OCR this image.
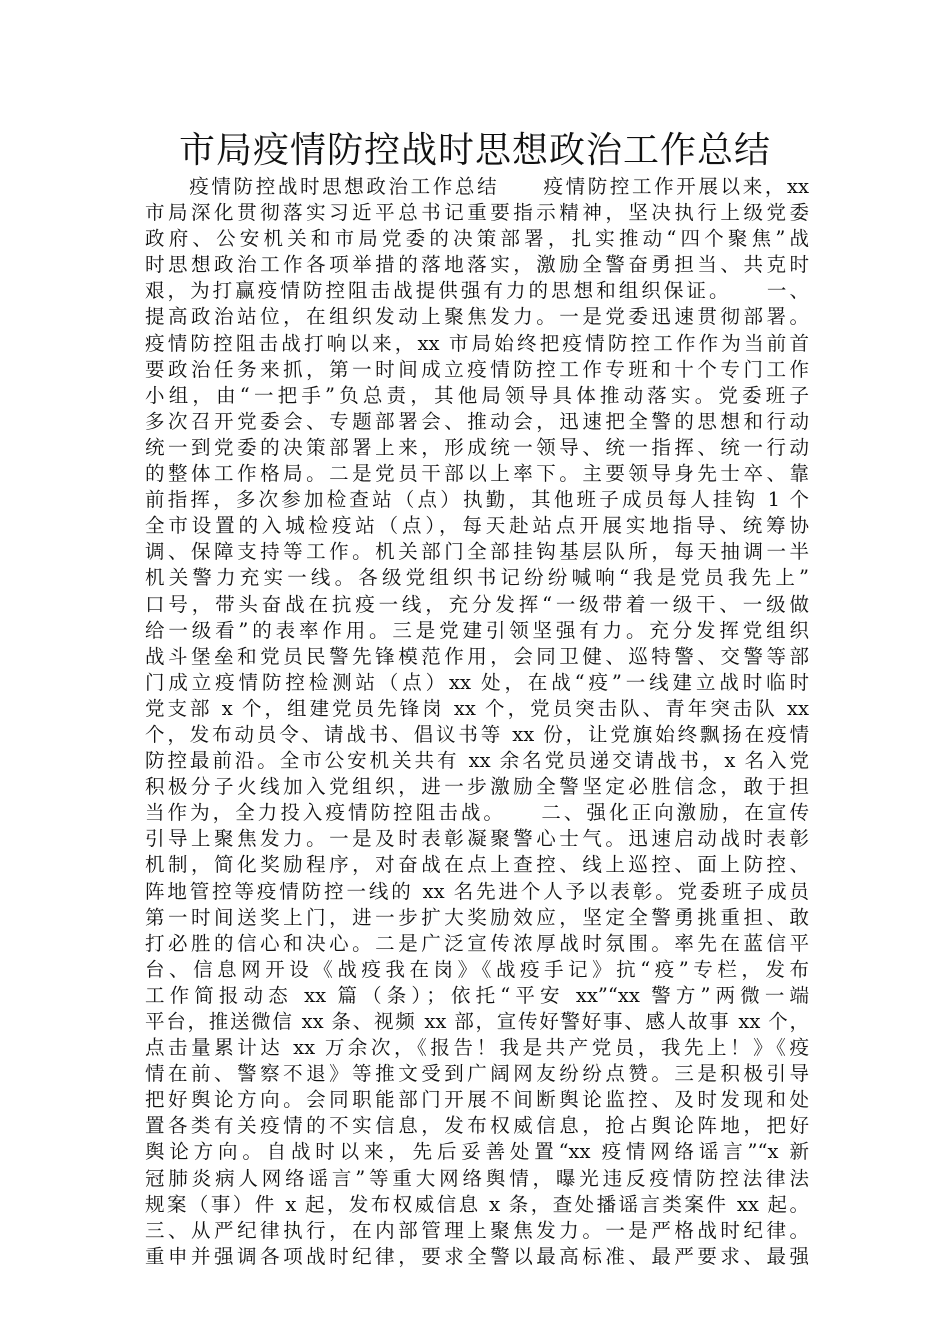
市局疫情防控战时思想政治工作总结
　　疫情防控战时思想政治工作总结　　疫情防控工作开展以来，xx
市局深化贯彻落实习近平总书记重要指示精神，坚决执行上级党委
政府、公安机关和市局党委的决策部署，扎实推动“四个聚焦”战
时思想政治工作各项举措的落地落实，激励全警奋勇担当、共克时
艰，为打赢疫情防控阻击战提供强有力的思想和组织保证。　　一、
提高政治站位，在组织发动上聚焦发力。一是党委迅速贯彻部署。
疫情防控阻击战打响以来，xx 市局始终把疫情防控工作作为当前首
要政治任务来抓，第一时间成立疫情防控工作专班和十个专门工作
小组，由“一把手”负总责，其他局领导具体推动落实。党委班子
多次召开党委会、专题部署会、推动会，迅速把全警的思想和行动
统一到党委的决策部署上来，形成统一领导、统一指挥、统一行动
的整体工作格局。二是党员干部以上率下。主要领导身先士卒、靠
前指挥，多次参加检查站（点）执勤，其他班子成员每人挂钩 1 个
全市设置的入城检疫站（点），每天赴站点开展实地指导、统筹协
调、保障支持等工作。机关部门全部挂钩基层队所，每天抽调一半
机关警力充实一线。各级党组织书记纷纷喊响“我是党员我先上”
口号，带头奋战在抗疫一线，充分发挥“一级带着一级干、一级做
给一级看”的表率作用。三是党建引领坚强有力。充分发挥党组织
战斗堡垒和党员民警先锋模范作用，会同卫健、巡特警、交警等部
门成立疫情防控检测站（点）xx 处，在战“疫”一线建立战时临时
党支部 x 个，组建党员先锋岗 xx 个，党员突击队、青年突击队 xx
个，发布动员令、请战书、倡议书等 xx 份，让党旗始终飘扬在疫情
防控最前沿。全市公安机关共有 xx 余名党员递交请战书，x 名入党
积极分子火线加入党组织，进一步激励全警坚定必胜信念，敢于担
当作为，全力投入疫情防控阻击战。　　二、强化正向激励，在宣传
引导上聚焦发力。一是及时表彰凝聚警心士气。迅速启动战时表彰
机制，简化奖励程序，对奋战在点上查控、线上巡控、面上防控、
阵地管控等疫情防控一线的 xx 名先进个人予以表彰。党委班子成员
第一时间送奖上门，进一步扩大奖励效应，坚定全警勇挑重担、敢
打必胜的信心和决心。二是广泛宣传浓厚战时氛围。率先在蓝信平
台、信息网开设《战疫我在岗》《战疫手记》抗“疫”专栏，发布
工作简报动态 xx 篇（条）；依托“平安 xx”“xx 警方”两微一端
平台，推送微信 xx 条、视频 xx 部，宣传好警好事、感人故事 xx 个，
点击量累计达 xx 万余次，《报告！我是共产党员，我先上！》《疫
情在前、警察不退》等推文受到广阔网友纷纷点赞。三是积极引导
把好舆论方向。会同职能部门开展不间断舆论监控、及时发现和处
置各类有关疫情的不实信息，发布权威信息，抢占舆论阵地，把好
舆论方向。自战时以来，先后妥善处置“xx 疫情网络谣言”“x 新
冠肺炎病人网络谣言”等重大网络舆情，曝光违反疫情防控法律法
规案（事）件 x 起，发布权威信息 x 条，查处播谣言类案件 xx 起。
三、从严纪律执行，在内部管理上聚焦发力。一是严格战时纪律。
重申并强调各项战时纪律，要求全警以最高标准、最严要求、最强
